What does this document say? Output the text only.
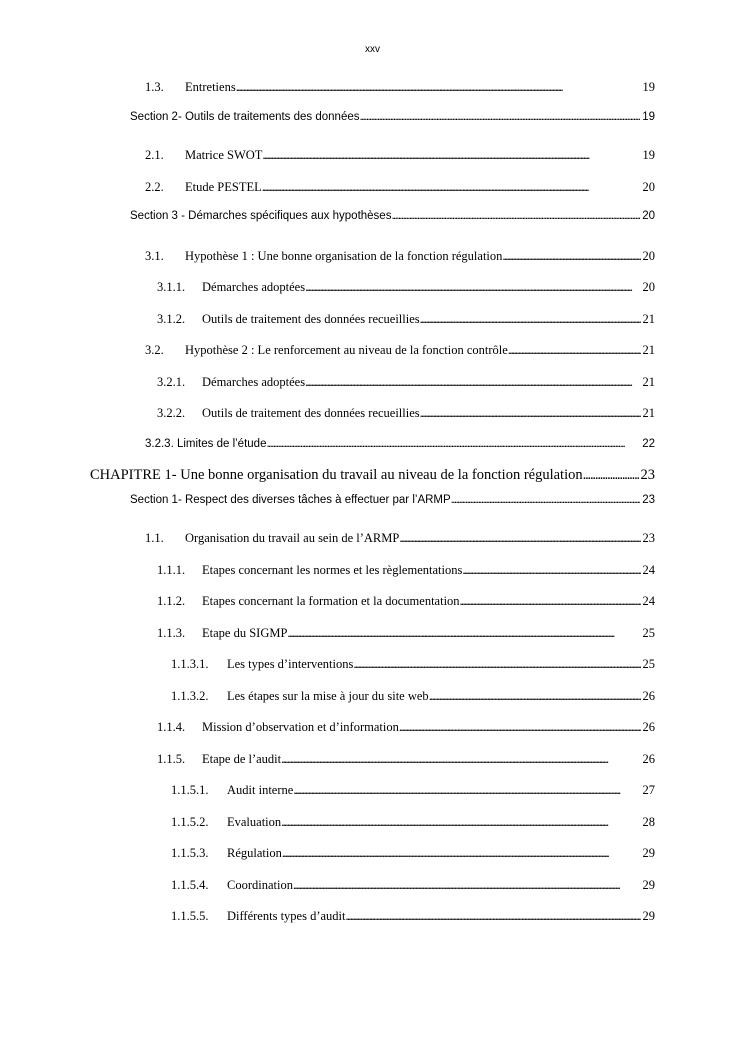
xxv
1.3.	Entretiens . . .	19
Section 2- Outils de traitements des données . . .	19
2.1.	Matrice SWOT . . .	19
2.2.	Etude PESTEL . . .	20
Section 3 - Démarches spécifiques aux hypothèses . . .	20
3.1.	Hypothèse 1 : Une bonne organisation de la fonction régulation . . .	20
3.1.1.	Démarches adoptées . . .	20
3.1.2.	Outils de traitement des données recueillies . . .	21
3.2.	Hypothèse 2 : Le renforcement au niveau de la fonction contrôle . . .	21
3.2.1.	Démarches adoptées . . .	21
3.2.2.	Outils de traitement des données recueillies . . .	21
3.2.3. Limites de l’étude . . .	22
CHAPITRE 1- Une bonne organisation du travail au niveau de la fonction régulation . . .	23
Section 1- Respect des diverses tâches à effectuer par l’ARMP . . .	23
1.1.	Organisation du travail au sein de l’ARMP . . .	23
1.1.1.	Etapes concernant les normes et les règlementations . . .	24
1.1.2.	Etapes concernant la formation et la documentation . . .	24
1.1.3.	Etape du SIGMP . . .	25
1.1.3.1.	Les types d’interventions . . .	25
1.1.3.2.	Les étapes sur la mise à jour du site web . . .	26
1.1.4.	Mission d’observation et d’information . . .	26
1.1.5.	Etape de l’audit . . .	26
1.1.5.1.	Audit interne . . .	27
1.1.5.2.	Evaluation . . .	28
1.1.5.3.	Régulation . . .	29
1.1.5.4.	Coordination . . .	29
1.1.5.5.	Différents types d’audit . . .	29
